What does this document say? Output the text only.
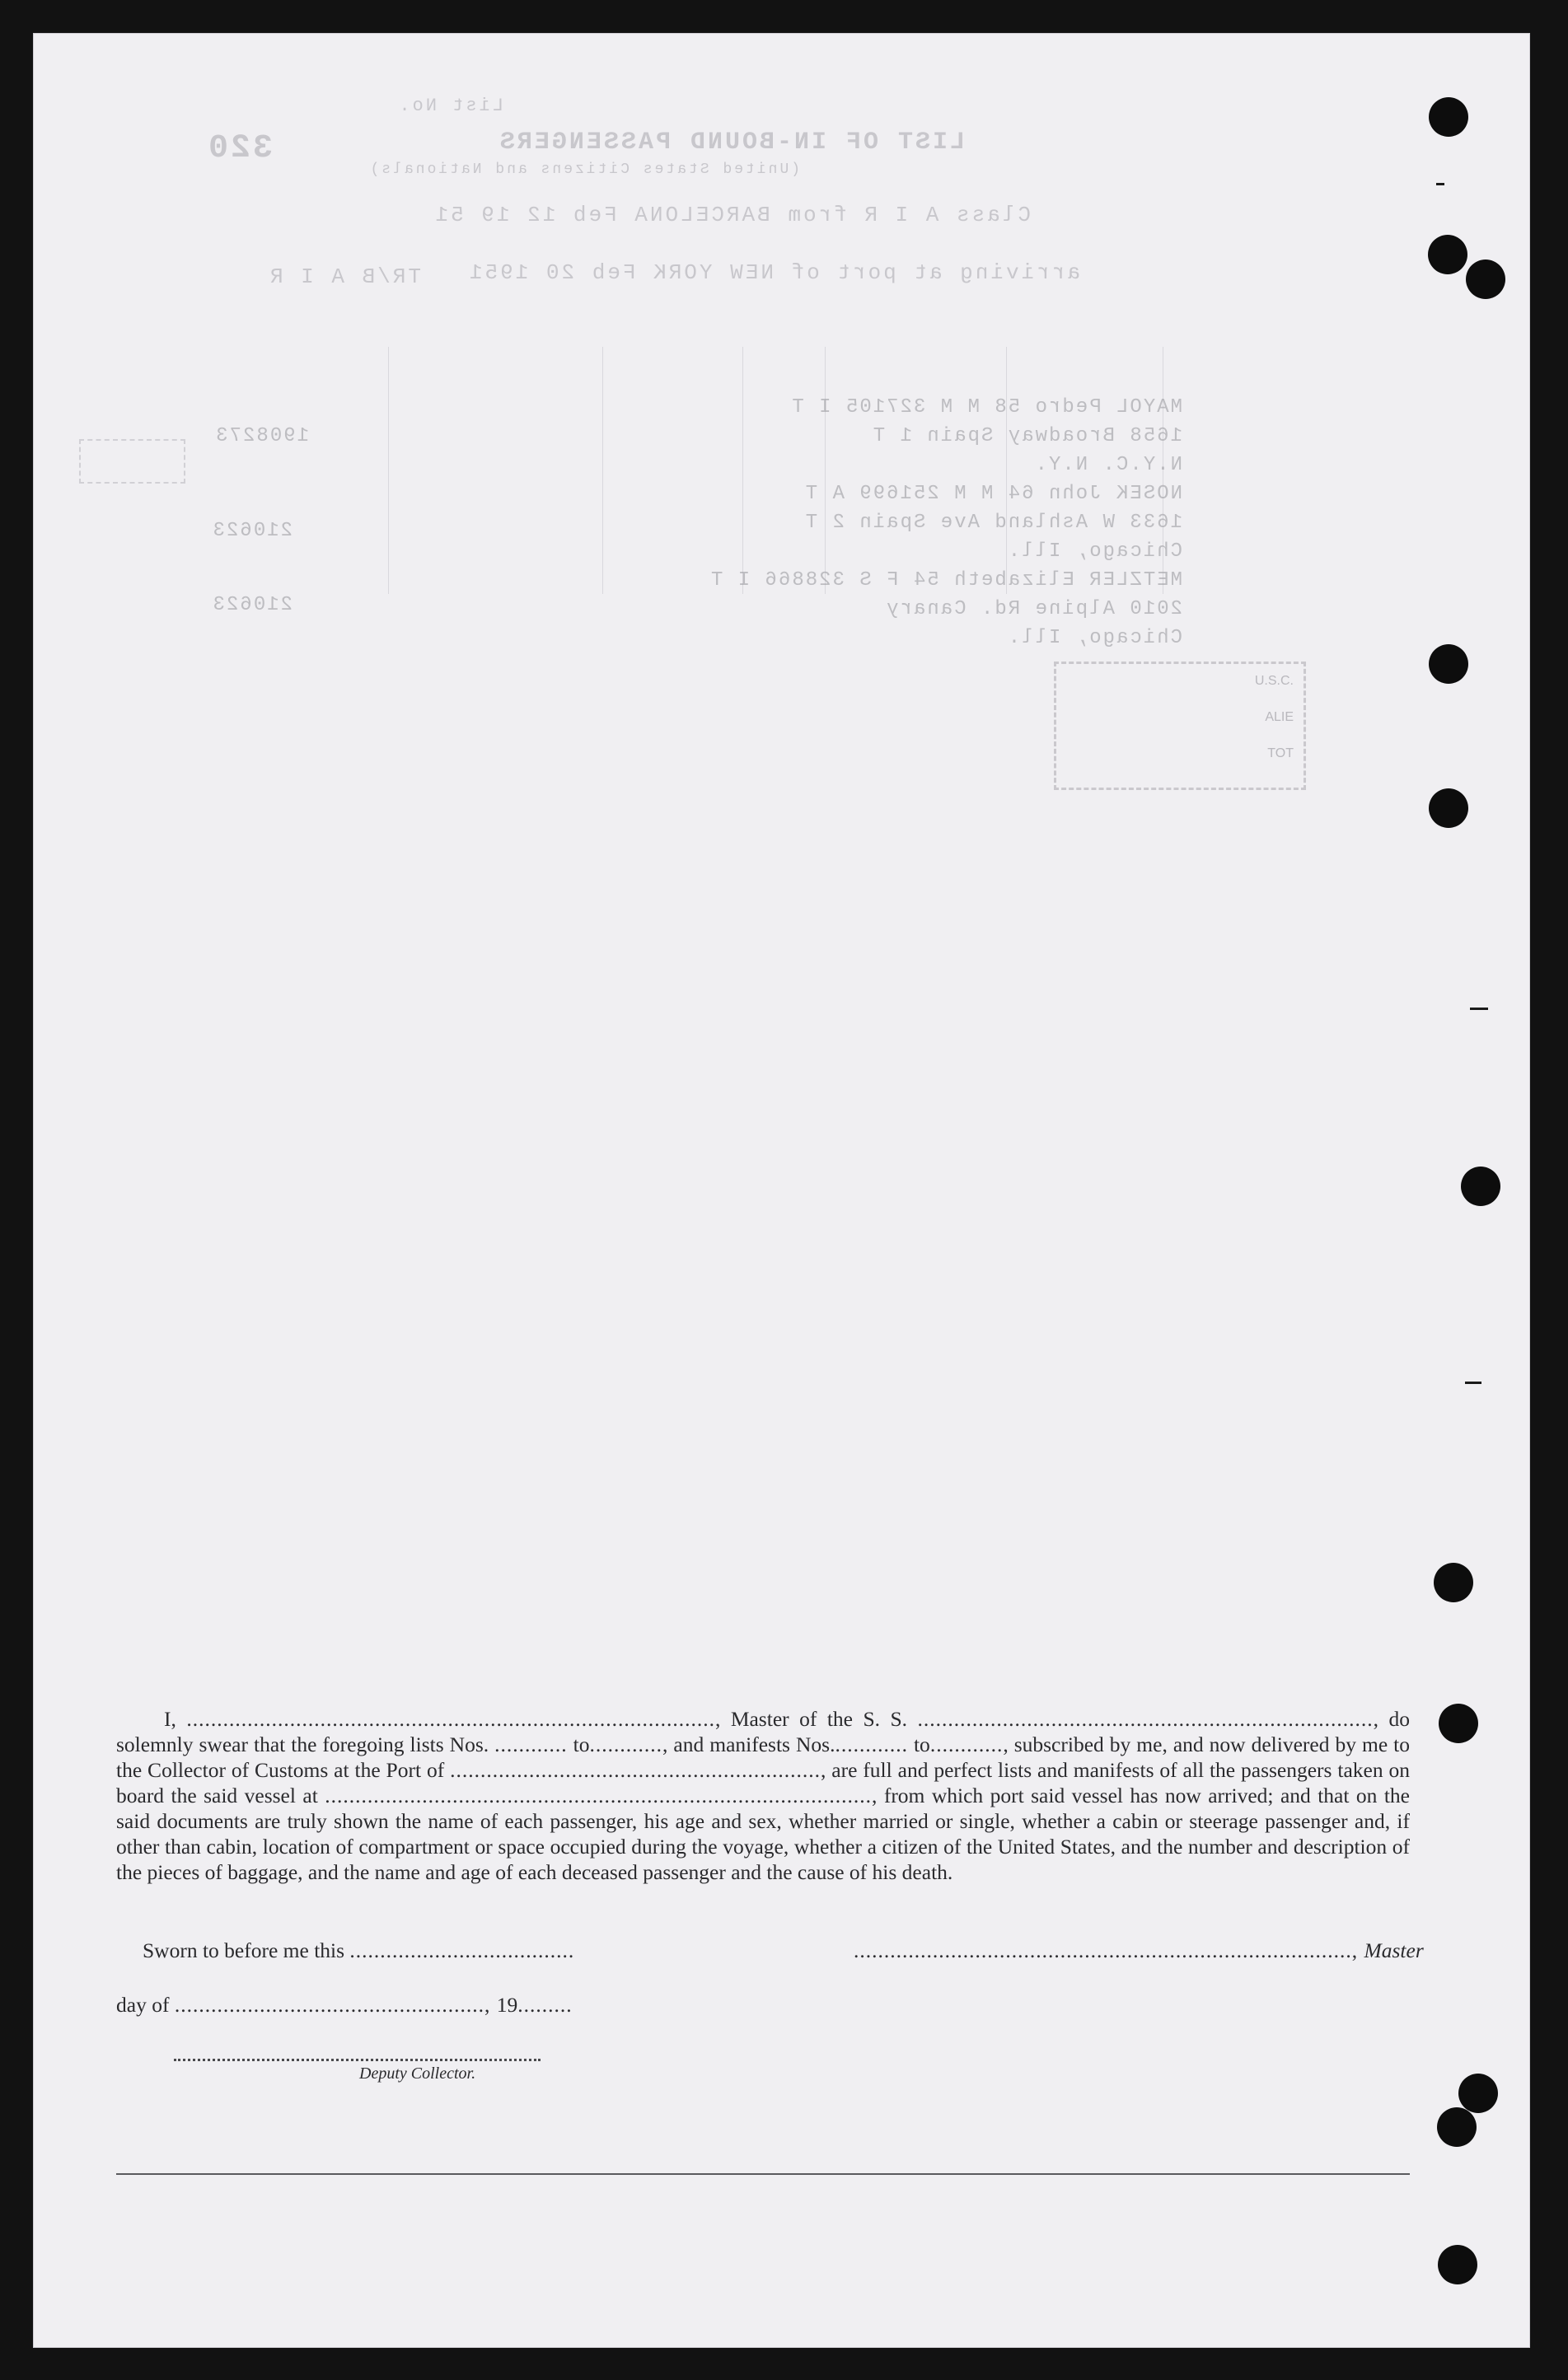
List No.
320	LIST OF IN-BOUND PASSENGERS
(United States Citizens and Nationals)
Class A I R from BARCELONA Feb 12 19 51
arriving at port of NEW YORK Feb 20 1951
TR/B A I R
MAYOL Pedro 58 M M 327105 I T
1658 Broadway Spain 1 T
N.Y.C. N.Y.
NOSEK John 64 M M 251699 A T
1633 W Ashland Ave Spain 2 T
Chicago, Ill.
METZLER Elizabeth 54 F S 328866 I T
2010 Alpine Rd. Canary
Chicago, Ill.
1908273
210623
210623
U.S.C.
ALIE
TOT

I, ......................................................................................., Master of the S. S. ..........................................................................., do solemnly swear that the foregoing lists Nos. ............ to............, and manifests Nos............. to............, subscribed by me, and now delivered by me to the Collector of Customs at the Port of ............................................................., are full and perfect lists and manifests of all the passengers taken on board the said vessel at .........................................................................................., from which port said vessel has now arrived; and that on the said documents are truly shown the name of each passenger, his age and sex, whether married or single, whether a cabin or steerage passenger and, if other than cabin, location of compartment or space occupied during the voyage, whether a citizen of the United States, and the number and description of the pieces of baggage, and the name and age of each deceased passenger and the cause of his death.

Sworn to before me this .....................................	.................................................................................., Master
day of ..................................................., 19.........
Deputy Collector.
